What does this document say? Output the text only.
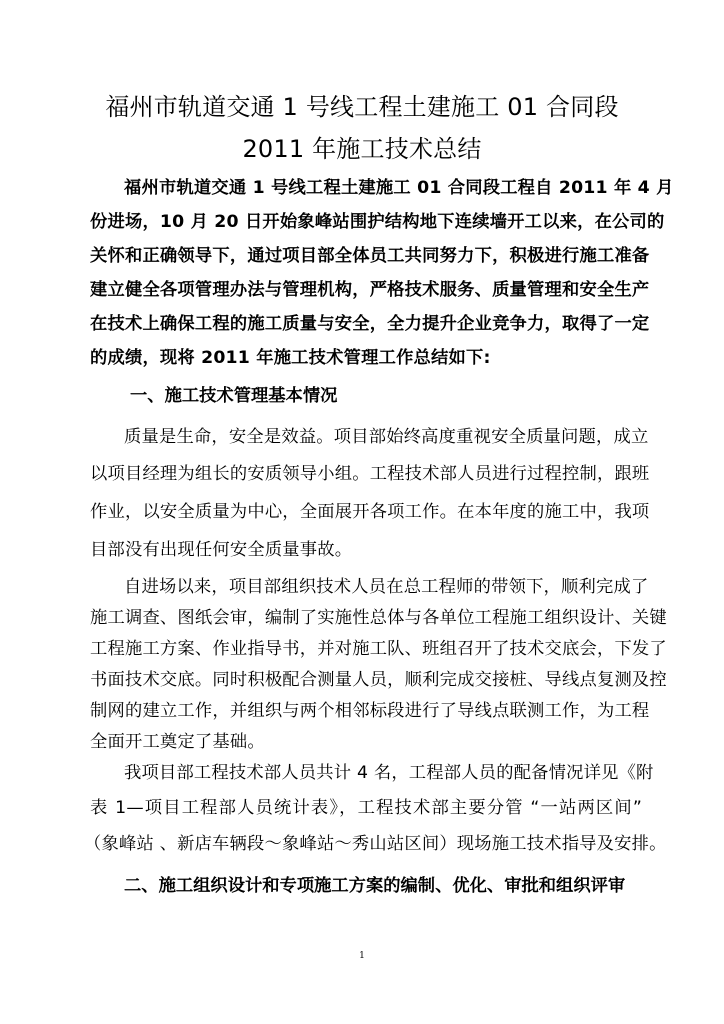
福州市轨道交通 1 号线工程土建施工 01 合同段
2011 年施工技术总结
福州市轨道交通 1 号线工程土建施工 01 合同段工程自 2011 年 4 月
份进场，10 月 20 日开始象峰站围护结构地下连续墙开工以来，在公司的
关怀和正确领导下，通过项目部全体员工共同努力下，积极进行施工准备
建立健全各项管理办法与管理机构，严格技术服务、质量管理和安全生产
在技术上确保工程的施工质量与安全，全力提升企业竞争力，取得了一定
的成绩，现将 2011 年施工技术管理工作总结如下:
一、施工技术管理基本情况
质量是生命，安全是效益。项目部始终高度重视安全质量问题，成立
以项目经理为组长的安质领导小组。工程技术部人员进行过程控制，跟班
作业，以安全质量为中心，全面展开各项工作。在本年度的施工中，我项
目部没有出现任何安全质量事故。
自进场以来，项目部组织技术人员在总工程师的带领下，顺利完成了
施工调查、图纸会审，编制了实施性总体与各单位工程施工组织设计、关键
工程施工方案、作业指导书，并对施工队、班组召开了技术交底会，下发了
书面技术交底。同时积极配合测量人员，顺利完成交接桩、导线点复测及控
制网的建立工作，并组织与两个相邻标段进行了导线点联测工作，为工程
全面开工奠定了基础。
我项目部工程技术部人员共计 4 名，工程部人员的配备情况详见《附
表 1—项目工程部人员统计表》，工程技术部主要分管 “一站两区间”
（象峰站 、新店车辆段～象峰站～秀山站区间）现场施工技术指导及安排。
二、施工组织设计和专项施工方案的编制、优化、审批和组织评审
1
